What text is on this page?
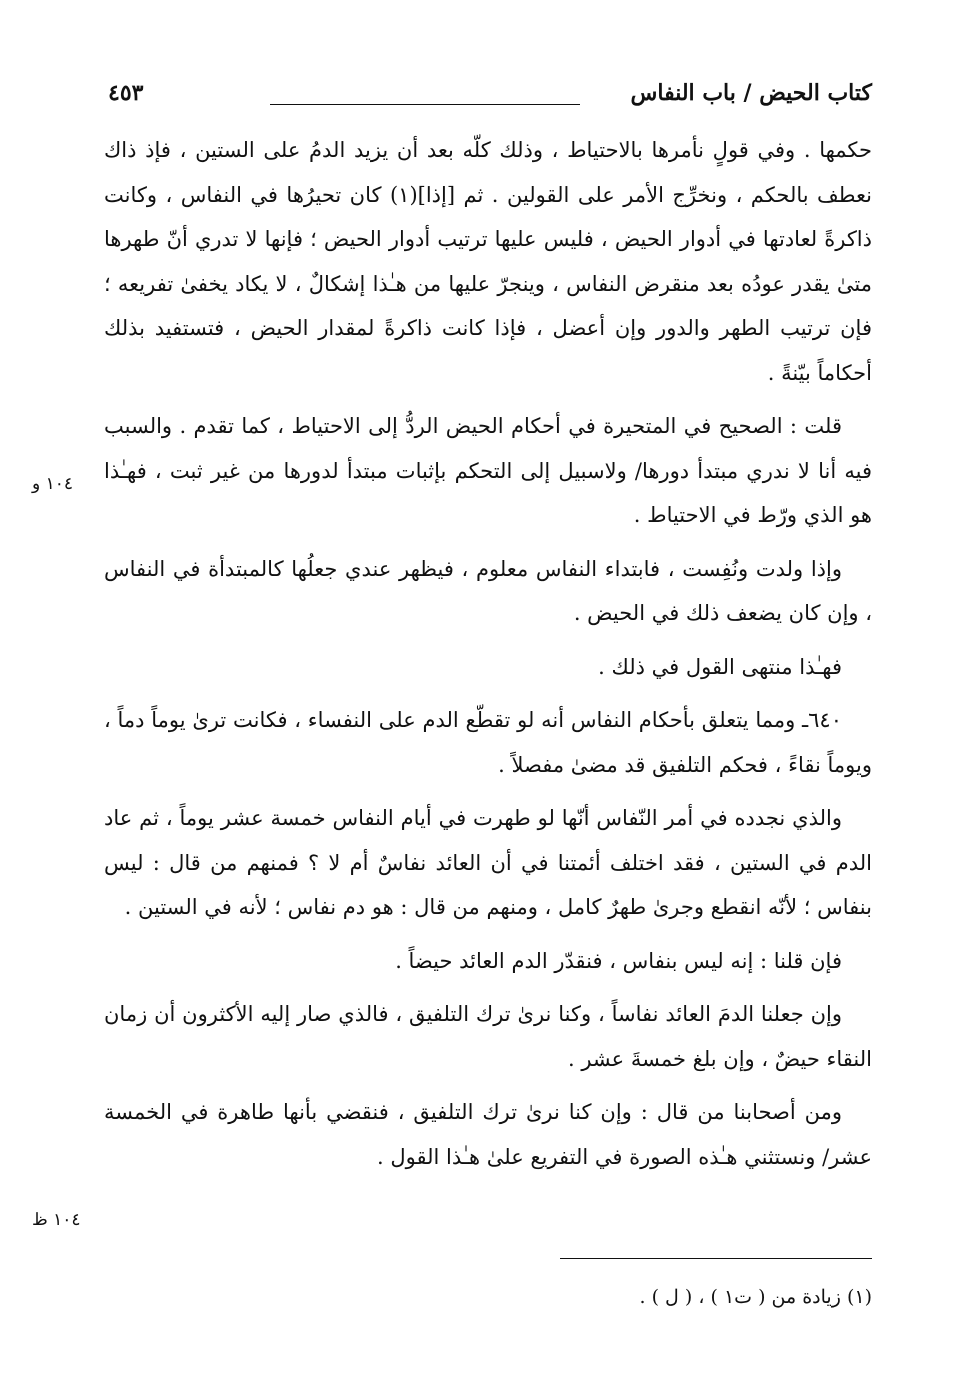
كتاب الحيض / باب النفاس
٤٥٣

حكمها . وفي قولٍ نأمرها بالاحتياط ، وذلك كلّه بعد أن يزيد الدمُ على الستين ، فإذ ذاك نعطف بالحكم ، ونخرِّج الأمر على القولين . ثم [إذا](١) كان تحيرُها في النفاس ، وكانت ذاكرةً لعادتها في أدوار الحيض ، فليس عليها ترتيب أدوار الحيض ؛ فإنها لا تدري أنّ طهرها متىٰ يقدر عودُه بعد منقرض النفاس ، وينجرّ عليها من هـٰذا إشكالٌ ، لا يكاد يخفىٰ تفريعه ؛ فإن ترتيب الطهر والدور وإن أعضل ، فإذا كانت ذاكرةً لمقدار الحيض ، فتستفيد بذلك أحكاماً بيّنةً .

قلت : الصحيح في المتحيرة في أحكام الحيض الردُّ إلى الاحتياط ، كما تقدم . والسبب فيه أنا لا ندري مبتدأ دورها/ ولاسبيل إلى التحكم بإثبات مبتدأ لدورها من غير ثبت ، فهـٰذا هو الذي ورّط في الاحتياط .

وإذا ولدت ونُفِست ، فابتداء النفاس معلوم ، فيظهر عندي جعلُها كالمبتدأة في النفاس ، وإن كان يضعف ذلك في الحيض .

فهـٰذا منتهى القول في ذلك .

٦٤٠ـ ومما يتعلق بأحكام النفاس أنه لو تقطّع الدم على النفساء ، فكانت ترىٰ يوماً دماً ، ويوماً نقاءً ، فحكم التلفيق قد مضىٰ مفصلاً .

والذي نجدده في أمر النّفاس أنّها لو طهرت في أيام النفاس خمسة عشر يوماً ، ثم عاد الدم في الستين ، فقد اختلف أئمتنا في أن العائد نفاسٌ أم لا ؟ فمنهم من قال : ليس بنفاس ؛ لأنّه انقطع وجرىٰ طهرٌ كامل ، ومنهم من قال : هو دم نفاس ؛ لأنه في الستين .

فإن قلنا : إنه ليس بنفاس ، فنقدّر الدم العائد حيضاً .

وإن جعلنا الدمَ العائد نفاساً ، وكنا نرىٰ ترك التلفيق ، فالذي صار إليه الأكثرون أن زمان النقاء حيضٌ ، وإن بلغ خمسةَ عشر .

ومن أصحابنا من قال : وإن كنا نرىٰ ترك التلفيق ، فنقضي بأنها طاهرة في الخمسة عشر/ ونستثني هـٰذه الصورة في التفريع علىٰ هـٰذا القول .

١٠٤ و
١٠٤ ظ
(١) زيادة من ( ت١ ) ، ( ل ) .
